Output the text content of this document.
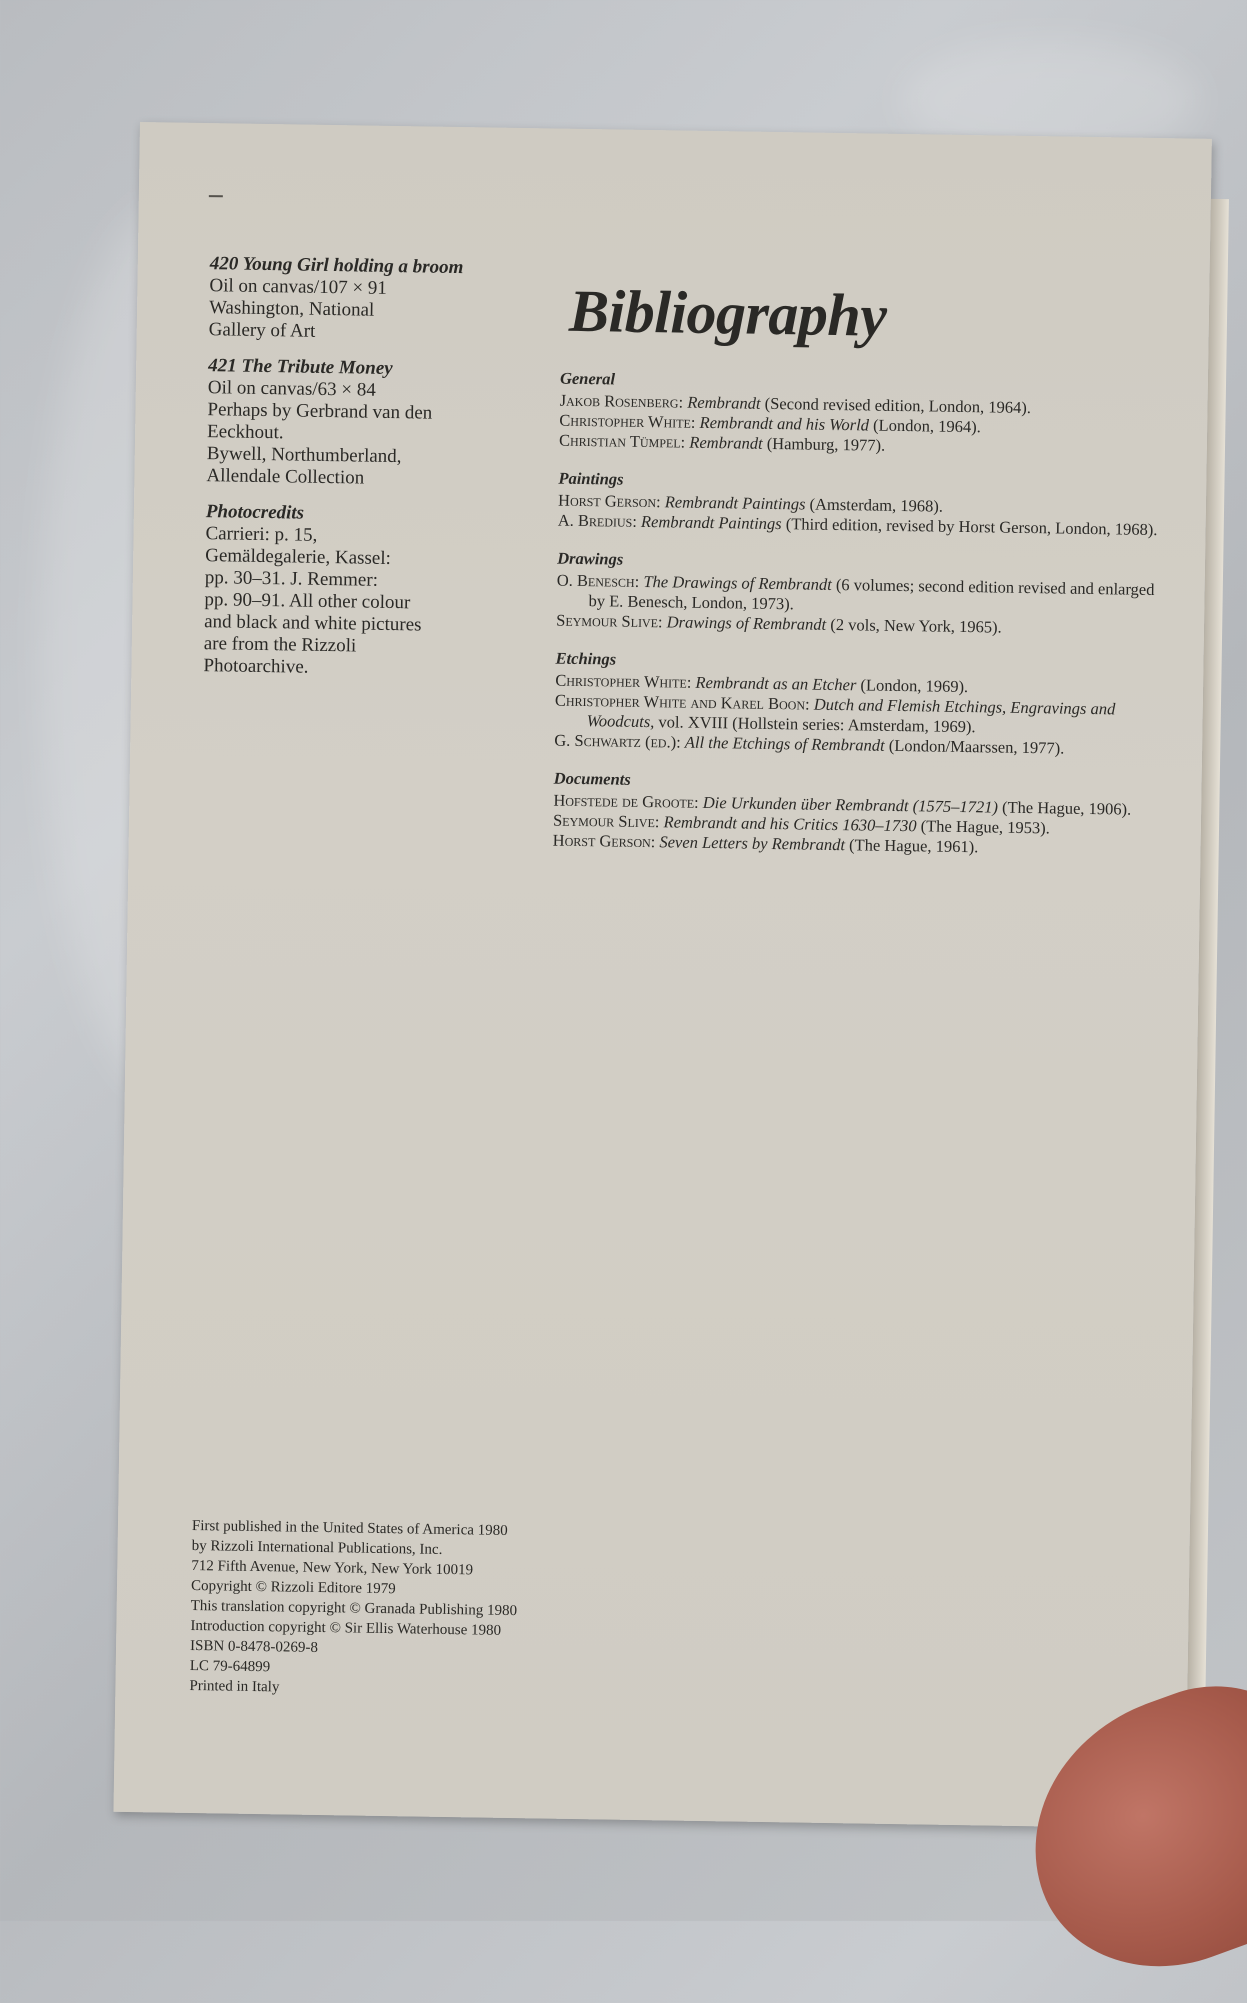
420 Young Girl holding a broom
Oil on canvas/107 × 91
Washington, National
Gallery of Art
421 The Tribute Money
Oil on canvas/63 × 84
Perhaps by Gerbrand van den
Eeckhout.
Bywell, Northumberland,
Allendale Collection
Photocredits
Carrieri: p. 15,
Gemäldegalerie, Kassel:
pp. 30–31. J. Remmer:
pp. 90–91. All other colour
and black and white pictures
are from the Rizzoli
Photoarchive.
Bibliography
General
Jakob Rosenberg: Rembrandt (Second revised edition, London, 1964).
Christopher White: Rembrandt and his World (London, 1964).
Christian Tümpel: Rembrandt (Hamburg, 1977).
Paintings
Horst Gerson: Rembrandt Paintings (Amsterdam, 1968).
A. Bredius: Rembrandt Paintings (Third edition, revised by Horst Gerson, London, 1968).
Drawings
O. Benesch: The Drawings of Rembrandt (6 volumes; second edition revised and enlarged by E. Benesch, London, 1973).
Seymour Slive: Drawings of Rembrandt (2 vols, New York, 1965).
Etchings
Christopher White: Rembrandt as an Etcher (London, 1969).
Christopher White and Karel Boon: Dutch and Flemish Etchings, Engravings and Woodcuts, vol. XVIII (Hollstein series: Amsterdam, 1969).
G. Schwartz (ed.): All the Etchings of Rembrandt (London/Maarssen, 1977).
Documents
Hofstede de Groote: Die Urkunden über Rembrandt (1575–1721) (The Hague, 1906).
Seymour Slive: Rembrandt and his Critics 1630–1730 (The Hague, 1953).
Horst Gerson: Seven Letters by Rembrandt (The Hague, 1961).
First published in the United States of America 1980
by Rizzoli International Publications, Inc.
712 Fifth Avenue, New York, New York 10019
Copyright © Rizzoli Editore 1979
This translation copyright © Granada Publishing 1980
Introduction copyright © Sir Ellis Waterhouse 1980
ISBN 0-8478-0269-8
LC 79-64899
Printed in Italy
